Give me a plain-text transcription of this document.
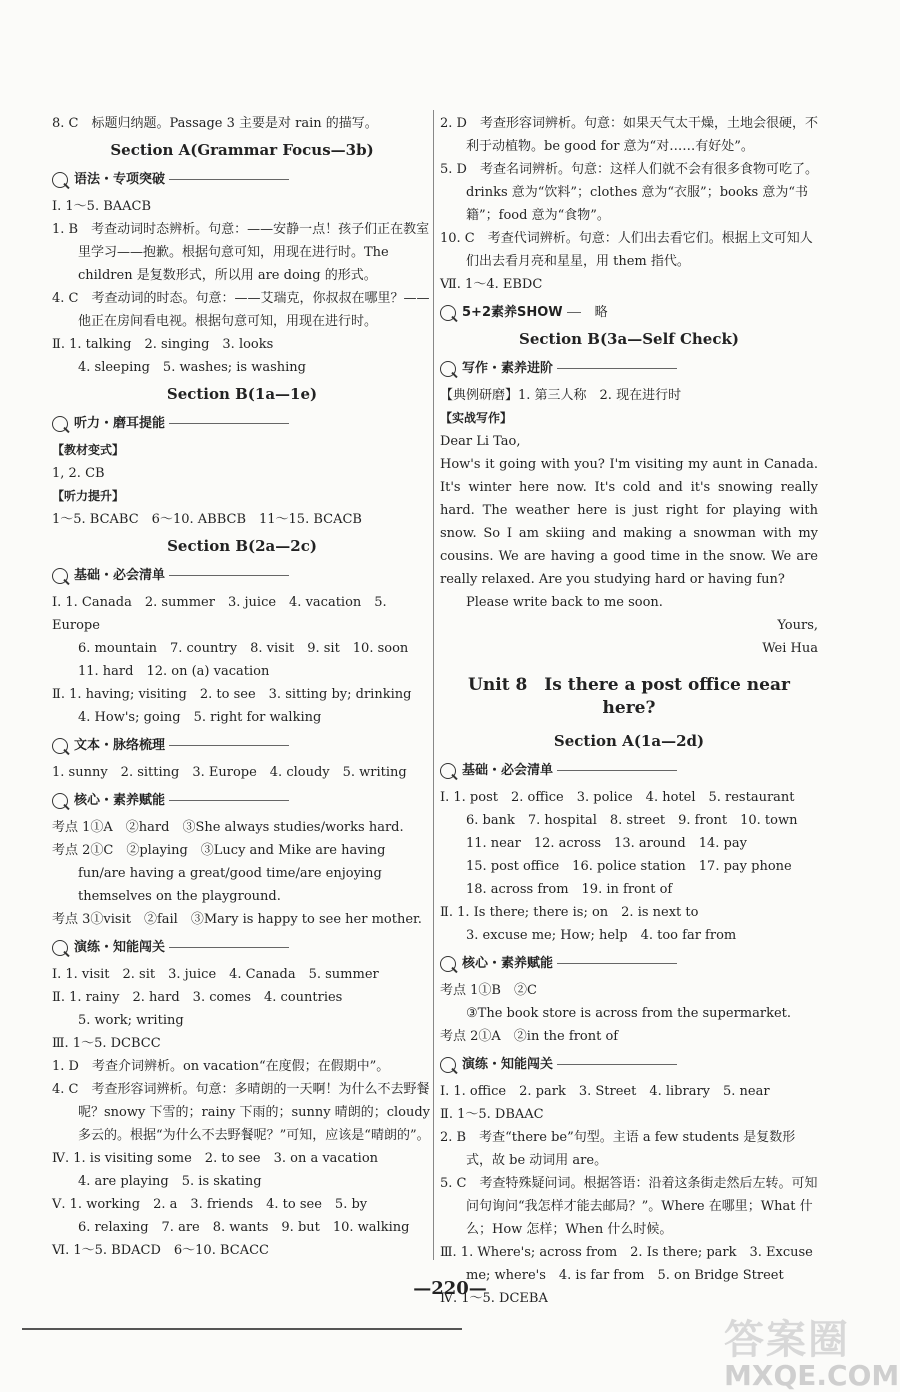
8. C　标题归纳题。Passage 3 主要是对 rain 的描写。

Section A(Grammar Focus—3b)
语法・专项突破

Ⅰ. 1～5. BAACB

1. B　考查动词时态辨析。句意：——安静一点！孩子们正在教室里学习——抱歉。根据句意可知，用现在进行时。The children 是复数形式，所以用 are doing 的形式。

4. C　考查动词的时态。句意：——艾瑞克，你叔叔在哪里？——他正在房间看电视。根据句意可知，用现在进行时。

Ⅱ. 1. talking　2. singing　3. looks

4. sleeping　5. washes; is washing

Section B(1a—1e)
听力・磨耳提能

【教材变式】

1, 2. CB

【听力提升】

1～5. BCABC　6～10. ABBCB　11～15. BCACB

Section B(2a—2c)
基础・必会清单

Ⅰ. 1. Canada　2. summer　3. juice　4. vacation　5. Europe

6. mountain　7. country　8. visit　9. sit　10. soon

11. hard　12. on (a) vacation

Ⅱ. 1. having; visiting　2. to see　3. sitting by; drinking

4. How's; going　5. right for walking

文本・脉络梳理

1. sunny　2. sitting　3. Europe　4. cloudy　5. writing

核心・素养赋能

考点 1①A　②hard　③She always studies/works hard.

考点 2①C　②playing　③Lucy and Mike are having fun/are having a great/good time/are enjoying themselves on the playground.

考点 3①visit　②fail　③Mary is happy to see her mother.

演练・知能闯关

Ⅰ. 1. visit　2. sit　3. juice　4. Canada　5. summer

Ⅱ. 1. rainy　2. hard　3. comes　4. countries

5. work; writing

Ⅲ. 1～5. DCBCC

1. D　考查介词辨析。on vacation“在度假；在假期中”。

4. C　考查形容词辨析。句意：多晴朗的一天啊！为什么不去野餐呢？snowy 下雪的；rainy 下雨的；sunny 晴朗的；cloudy 多云的。根据“为什么不去野餐呢？”可知，应该是“晴朗的”。

Ⅳ. 1. is visiting some　2. to see　3. on a vacation

4. are playing　5. is skating

Ⅴ. 1. working　2. a　3. friends　4. to see　5. by

6. relaxing　7. are　8. wants　9. but　10. walking

Ⅵ. 1～5. BDACD　6～10. BCACC

2. D　考查形容词辨析。句意：如果天气太干燥，土地会很硬，不利于动植物。be good for 意为“对……有好处”。

5. D　考查名词辨析。句意：这样人们就不会有很多食物可吃了。drinks 意为“饮料”；clothes 意为“衣服”；books 意为“书籍”；food 意为“食物”。

10. C　考查代词辨析。句意：人们出去看它们。根据上文可知人们出去看月亮和星星，用 them 指代。

Ⅶ. 1～4. EBDC

5+2素养SHOW	略
Section B(3a—Self Check)
写作・素养进阶

【典例研磨】1. 第三人称　2. 现在进行时

【实战写作】

Dear Li Tao,

How's it going with you? I'm visiting my aunt in Canada. It's winter here now. It's cold and it's snowing really hard. The weather here is just right for playing with snow. So I am skiing and making a snowman with my cousins. We are having a good time in the snow. We are really relaxed. Are you studying hard or having fun?

Please write back to me soon.

Yours,

Wei Hua

Unit 8　Is there a post office near here?
Section A(1a—2d)
基础・必会清单

Ⅰ. 1. post　2. office　3. police　4. hotel　5. restaurant

6. bank　7. hospital　8. street　9. front　10. town

11. near　12. across　13. around　14. pay

15. post office　16. police station　17. pay phone

18. across from　19. in front of

Ⅱ. 1. Is there; there is; on　2. is next to

3. excuse me; How; help　4. too far from

核心・素养赋能

考点 1①B　②C

③The book store is across from the supermarket.

考点 2①A　②in the front of

演练・知能闯关

Ⅰ. 1. office　2. park　3. Street　4. library　5. near

Ⅱ. 1～5. DBAAC

2. B　考查“there be”句型。主语 a few students 是复数形式，故 be 动词用 are。

5. C　考查特殊疑问词。根据答语：沿着这条街走然后左转。可知问句询问“我怎样才能去邮局？”。Where 在哪里；What 什么；How 怎样；When 什么时候。

Ⅲ. 1. Where's; across from　2. Is there; park　3. Excuse me; where's　4. is far from　5. on Bridge Street

Ⅳ. 1～5. DCEBA

—220—
答案圈
MXQE.COM
